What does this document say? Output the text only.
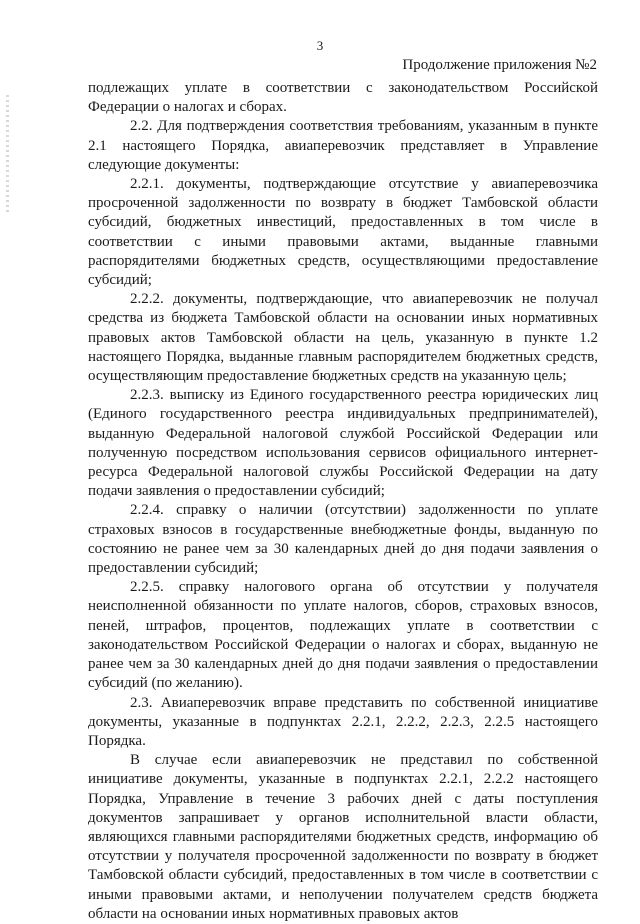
3
Продолжение приложения №2

подлежащих уплате в соответствии с законодательством Российской Федерации о налогах и сборах.

2.2. Для подтверждения соответствия требованиям, указанным в пункте 2.1 настоящего Порядка, авиаперевозчик представляет в Управление следующие документы:

2.2.1. документы, подтверждающие отсутствие у авиаперевозчика просроченной задолженности по возврату в бюджет Тамбовской области субсидий, бюджетных инвестиций, предоставленных в том числе в соответствии с иными правовыми актами, выданные главными распорядителями бюджетных средств, осуществляющими предоставление субсидий;

2.2.2. документы, подтверждающие, что авиаперевозчик не получал средства из бюджета Тамбовской области на основании иных нормативных правовых актов Тамбовской области на цель, указанную в пункте 1.2 настоящего Порядка, выданные главным распорядителем бюджетных средств, осуществляющим предоставление бюджетных средств на указанную цель;

2.2.3. выписку из Единого государственного реестра юридических лиц (Единого государственного реестра индивидуальных предпринимателей), выданную Федеральной налоговой службой Российской Федерации или полученную посредством использования сервисов официального интернет-ресурса Федеральной налоговой службы Российской Федерации на дату подачи заявления о предоставлении субсидий;

2.2.4. справку о наличии (отсутствии) задолженности по уплате страховых взносов в государственные внебюджетные фонды, выданную по состоянию не ранее чем за 30 календарных дней до дня подачи заявления о предоставлении субсидий;

2.2.5. справку налогового органа об отсутствии у получателя неисполненной обязанности по уплате налогов, сборов, страховых взносов, пеней, штрафов, процентов, подлежащих уплате в соответствии с законодательством Российской Федерации о налогах и сборах, выданную не ранее чем за 30 календарных дней до дня подачи заявления о предоставлении субсидий (по желанию).

2.3. Авиаперевозчик вправе представить по собственной инициативе документы, указанные в подпунктах 2.2.1, 2.2.2, 2.2.3, 2.2.5 настоящего Порядка.

В случае если авиаперевозчик не представил по собственной инициативе документы, указанные в подпунктах 2.2.1, 2.2.2 настоящего Порядка, Управление в течение 3 рабочих дней с даты поступления документов запрашивает у органов исполнительной власти области, являющихся главными распорядителями бюджетных средств, информацию об отсутствии у получателя просроченной задолженности по возврату в бюджет Тамбовской области субсидий, предоставленных в том числе в соответствии с иными правовыми актами, и неполучении получателем средств бюджета области на основании иных нормативных правовых актов
